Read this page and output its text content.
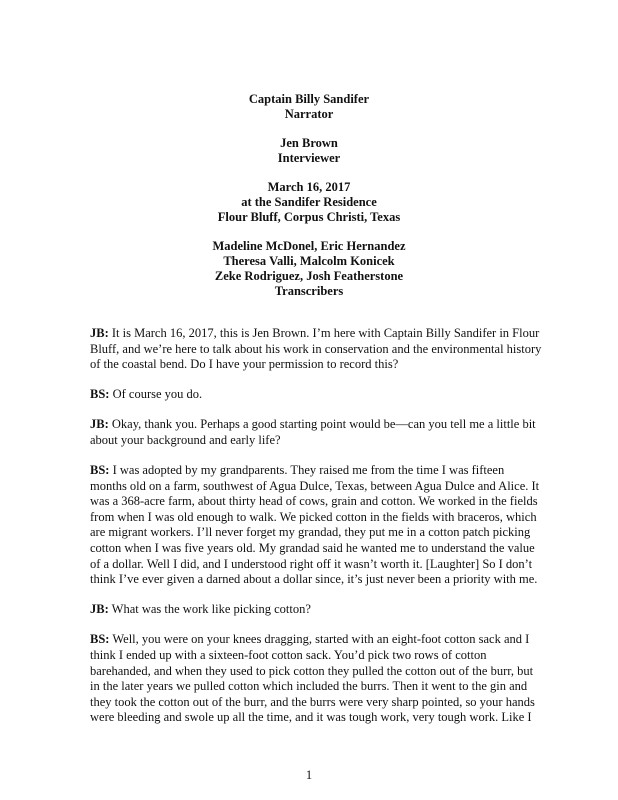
Captain Billy Sandifer
Narrator
Jen Brown
Interviewer
March 16, 2017
at the Sandifer Residence
Flour Bluff, Corpus Christi, Texas
Madeline McDonel, Eric Hernandez
Theresa Valli, Malcolm Konicek
Zeke Rodriguez, Josh Featherstone
Transcribers

JB: It is March 16, 2017, this is Jen Brown. I’m here with Captain Billy Sandifer in Flour Bluff, and we’re here to talk about his work in conservation and the environmental history of the coastal bend. Do I have your permission to record this?

BS: Of course you do.

JB: Okay, thank you. Perhaps a good starting point would be—can you tell me a little bit about your background and early life?

BS: I was adopted by my grandparents. They raised me from the time I was fifteen months old on a farm, southwest of Agua Dulce, Texas, between Agua Dulce and Alice. It was a 368-acre farm, about thirty head of cows, grain and cotton. We worked in the fields from when I was old enough to walk. We picked cotton in the fields with braceros, which are migrant workers. I’ll never forget my grandad, they put me in a cotton patch picking cotton when I was five years old. My grandad said he wanted me to understand the value of a dollar. Well I did, and I understood right off it wasn’t worth it. [Laughter] So I don’t think I’ve ever given a darned about a dollar since, it’s just never been a priority with me.

JB: What was the work like picking cotton?

BS: Well, you were on your knees dragging, started with an eight-foot cotton sack and I think I ended up with a sixteen-foot cotton sack. You’d pick two rows of cotton barehanded, and when they used to pick cotton they pulled the cotton out of the burr, but in the later years we pulled cotton which included the burrs. Then it went to the gin and they took the cotton out of the burr, and the burrs were very sharp pointed, so your hands were bleeding and swole up all the time, and it was tough work, very tough work. Like I

1
